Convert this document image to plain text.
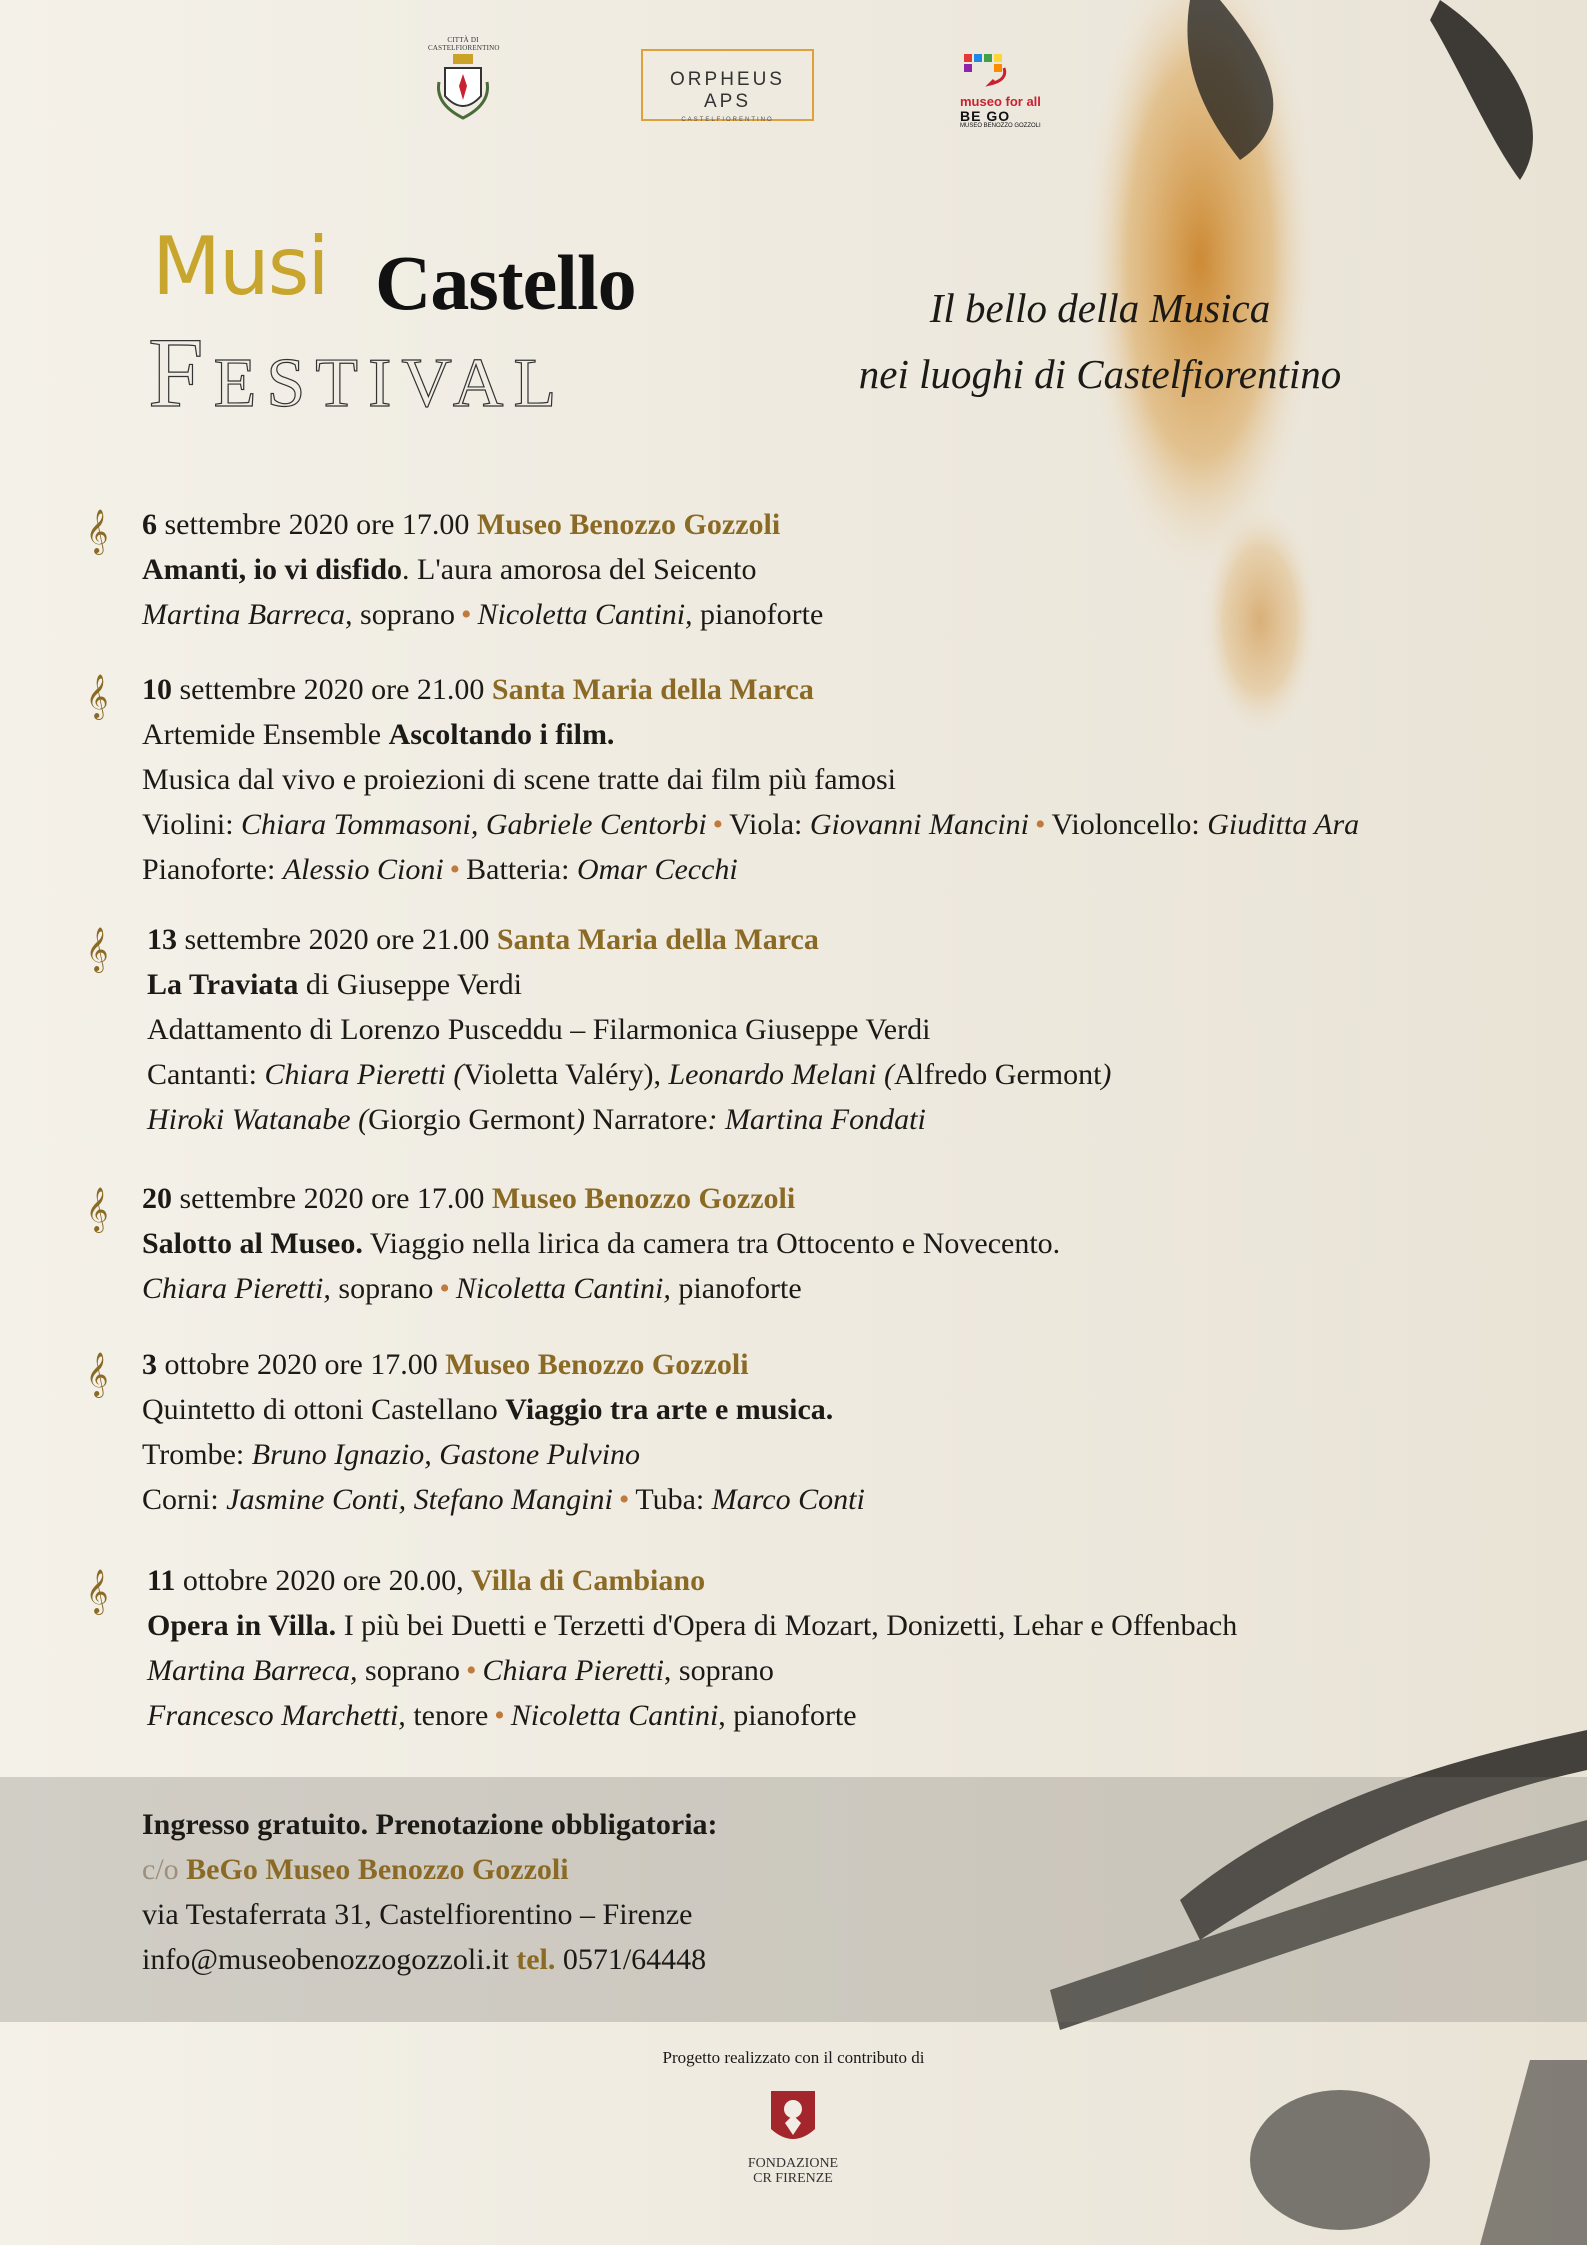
CITTÀ DI CASTELFIORENTINO
ORPHEUS APS
CASTELFIORENTINO
museo for all
BE GO
MUSEO BENOZZO GOZZOLI
Musi Castello
Festival
Il bello della Musica
nei luoghi di Castelfiorentino
𝄞 6 settembre 2020 ore 17.00 Museo Benozzo Gozzoli
Amanti, io vi disfido. L'aura amorosa del Seicento
Martina Barreca, soprano • Nicoletta Cantini, pianoforte
𝄞 10 settembre 2020 ore 21.00 Santa Maria della Marca
Artemide Ensemble Ascoltando i film.
Musica dal vivo e proiezioni di scene tratte dai film più famosi
Violini: Chiara Tommasoni, Gabriele Centorbi • Viola: Giovanni Mancini • Violoncello: Giuditta Ara
Pianoforte: Alessio Cioni • Batteria: Omar Cecchi
𝄞 13 settembre 2020 ore 21.00 Santa Maria della Marca
La Traviata di Giuseppe Verdi
Adattamento di Lorenzo Pusceddu – Filarmonica Giuseppe Verdi
Cantanti: Chiara Pieretti (Violetta Valéry), Leonardo Melani (Alfredo Germont)
Hiroki Watanabe (Giorgio Germont) Narratore: Martina Fondati
𝄞 20 settembre 2020 ore 17.00 Museo Benozzo Gozzoli
Salotto al Museo. Viaggio nella lirica da camera tra Ottocento e Novecento.
Chiara Pieretti, soprano • Nicoletta Cantini, pianoforte
𝄞 3 ottobre 2020 ore 17.00 Museo Benozzo Gozzoli
Quintetto di ottoni Castellano Viaggio tra arte e musica.
Trombe: Bruno Ignazio, Gastone Pulvino
Corni: Jasmine Conti, Stefano Mangini • Tuba: Marco Conti
𝄞 11 ottobre 2020 ore 20.00, Villa di Cambiano
Opera in Villa. I più bei Duetti e Terzetti d'Opera di Mozart, Donizetti, Lehar e Offenbach
Martina Barreca, soprano • Chiara Pieretti, soprano
Francesco Marchetti, tenore • Nicoletta Cantini, pianoforte
Ingresso gratuito. Prenotazione obbligatoria:
c/o BeGo Museo Benozzo Gozzoli
via Testaferrata 31, Castelfiorentino – Firenze
info@museobenozzogozzoli.it tel. 0571/64448
Progetto realizzato con il contributo di
FONDAZIONE
CR FIRENZE
